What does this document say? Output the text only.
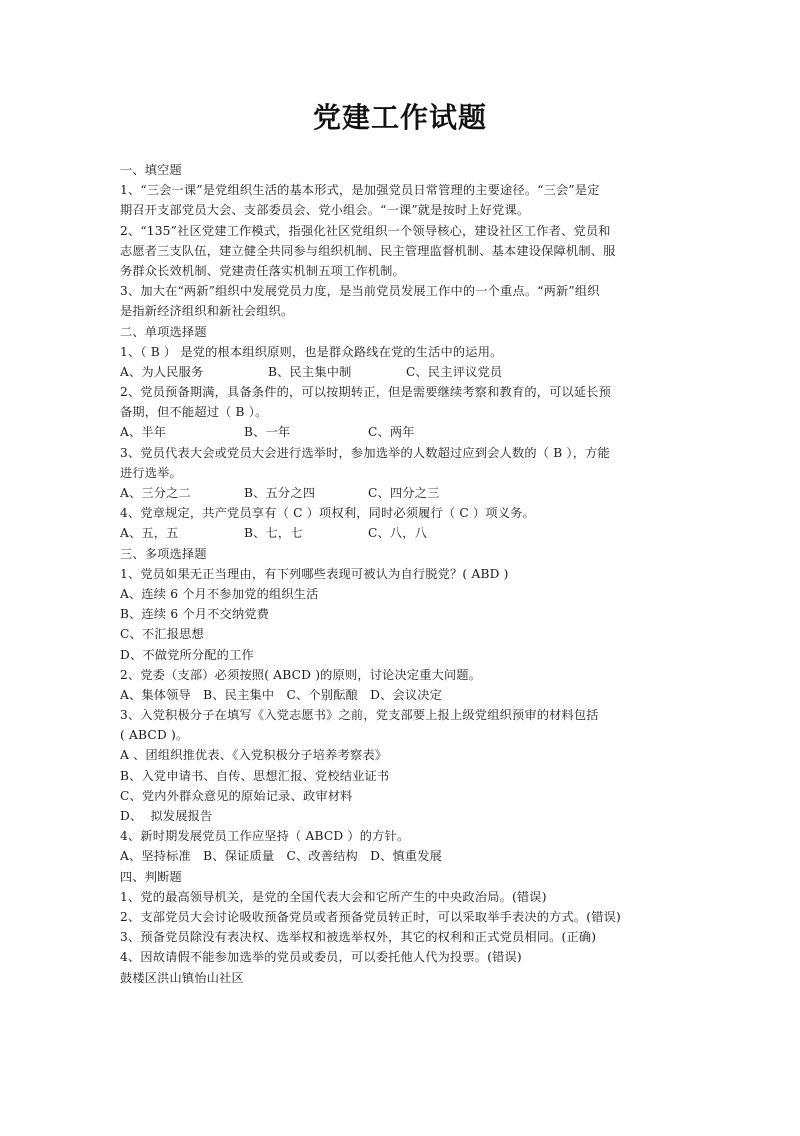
党建工作试题

一、填空题

1、“三会一课”是党组织生活的基本形式，是加强党员日常管理的主要途径。“三会”是定

期召开支部党员大会、支部委员会、党小组会。“一课”就是按时上好党课。

2、“135”社区党建工作模式，指强化社区党组织一个领导核心，建设社区工作者、党员和

志愿者三支队伍，建立健全共同参与组织机制、民主管理监督机制、基本建设保障机制、服

务群众长效机制、党建责任落实机制五项工作机制。

3、加大在“两新”组织中发展党员力度，是当前党员发展工作中的一个重点。“两新”组织

是指新经济组织和新社会组织。

二、单项选择题

1、（ B ） 是党的根本组织原则，也是群众路线在党的生活中的运用。

A、为人民服务	B、民主集中制	C、民主评议党员

2、党员预备期满，具备条件的，可以按期转正，但是需要继续考察和教育的，可以延长预

备期，但不能超过（ B ）。

A、半年	B、一年	C、两年

3、党员代表大会或党员大会进行选举时，参加选举的人数超过应到会人数的（ B ），方能

进行选举。

A、三分之二	B、五分之四	C、四分之三

4、党章规定，共产党员享有（ C ）项权利，同时必须履行（ C ）项义务。

A、五，五	B、七，七	C、八，八

三、多项选择题

1、党员如果无正当理由，有下列哪些表现可被认为自行脱党？( ABD )

A、连续 6 个月不参加党的组织生活

B、连续 6 个月不交纳党费

C、不汇报思想

D、不做党所分配的工作

2、党委（支部）必须按照( ABCD )的原则，讨论决定重大问题。

A、集体领导   B、民主集中   C、个别酝酿   D、会议决定

3、入党积极分子在填写《入党志愿书》之前，党支部要上报上级党组织预审的材料包括

( ABCD )。

A 、团组织推优表、《入党积极分子培养考察表》

B、入党申请书、自传、思想汇报、党校结业证书

C、党内外群众意见的原始记录、政审材料

D、  拟发展报告

4、新时期发展党员工作应坚持（ ABCD ）的方针。

A、坚持标准   B、保证质量   C、改善结构   D、慎重发展

四、判断题

1、党的最高领导机关，是党的全国代表大会和它所产生的中央政治局。(错误)

2、支部党员大会讨论吸收预备党员或者预备党员转正时，可以采取举手表决的方式。(错误)

3、预备党员除没有表决权、选举权和被选举权外，其它的权利和正式党员相同。(正确)

4、因故请假不能参加选举的党员或委员，可以委托他人代为投票。(错误)

鼓楼区洪山镇怡山社区
